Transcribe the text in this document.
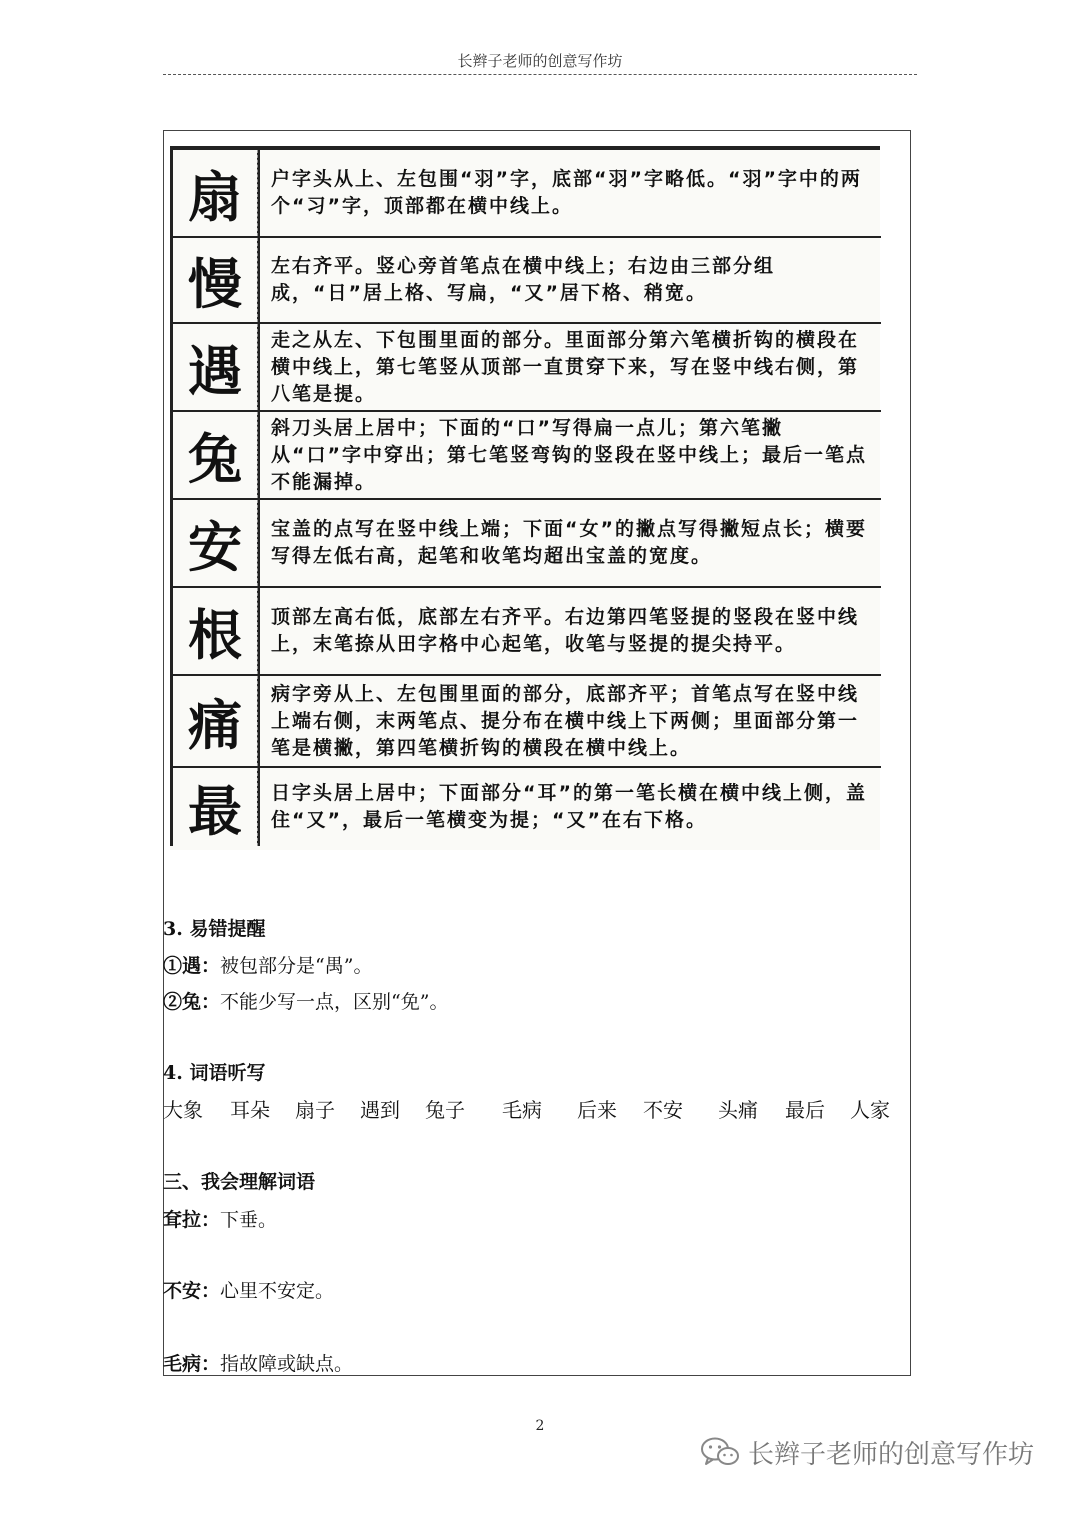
长辫子老师的创意写作坊
扇	户字头从上、左包围“羽”字，底部“羽”字略低。“羽”字中的两个“习”字，顶部都在横中线上。
慢	左右齐平。竖心旁首笔点在横中线上；右边由三部分组成，“日”居上格、写扁，“又”居下格、稍宽。
遇	走之从左、下包围里面的部分。里面部分第六笔横折钩的横段在横中线上，第七笔竖从顶部一直贯穿下来，写在竖中线右侧，第八笔是提。
兔	斜刀头居上居中；下面的“口”写得扁一点儿；第六笔撇从“口”字中穿出；第七笔竖弯钩的竖段在竖中线上；最后一笔点不能漏掉。
安	宝盖的点写在竖中线上端；下面“女”的撇点写得撇短点长；横要写得左低右高，起笔和收笔均超出宝盖的宽度。
根	顶部左高右低，底部左右齐平。右边第四笔竖提的竖段在竖中线上，末笔捺从田字格中心起笔，收笔与竖提的提尖持平。
痛	病字旁从上、左包围里面的部分，底部齐平；首笔点写在竖中线上端右侧，末两笔点、提分布在横中线上下两侧；里面部分第一笔是横撇，第四笔横折钩的横段在横中线上。
最	日字头居上居中；下面部分“耳”的第一笔长横在横中线上侧，盖住“又”，最后一笔横变为提；“又”在右下格。
3. 易错提醒
①遇：被包部分是“禺”。
②兔：不能少写一点，区别“免”。
4. 词语听写
大象 耳朵 扇子 遇到 兔子 毛病 后来 不安 头痛 最后 人家
三、我会理解词语
耷拉：下垂。
不安：心里不安定。
毛病：指故障或缺点。
2
长辫子老师的创意写作坊
